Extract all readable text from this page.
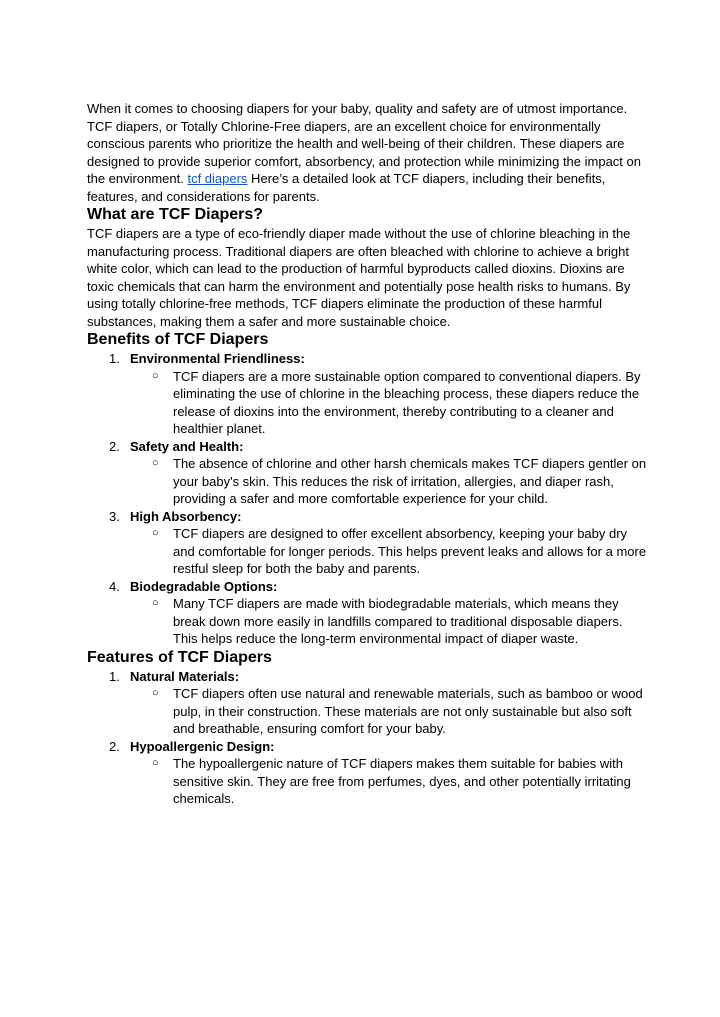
When it comes to choosing diapers for your baby, quality and safety are of utmost importance. TCF diapers, or Totally Chlorine-Free diapers, are an excellent choice for environmentally conscious parents who prioritize the health and well-being of their children. These diapers are designed to provide superior comfort, absorbency, and protection while minimizing the impact on the environment. tcf diapers Here’s a detailed look at TCF diapers, including their benefits, features, and considerations for parents.

What are TCF Diapers?

TCF diapers are a type of eco-friendly diaper made without the use of chlorine bleaching in the manufacturing process. Traditional diapers are often bleached with chlorine to achieve a bright white color, which can lead to the production of harmful byproducts called dioxins. Dioxins are toxic chemicals that can harm the environment and potentially pose health risks to humans. By using totally chlorine-free methods, TCF diapers eliminate the production of these harmful substances, making them a safer and more sustainable choice.

Benefits of TCF Diapers
1. Environmental Friendliness:
○ TCF diapers are a more sustainable option compared to conventional diapers. By eliminating the use of chlorine in the bleaching process, these diapers reduce the release of dioxins into the environment, thereby contributing to a cleaner and healthier planet.
2. Safety and Health:
○ The absence of chlorine and other harsh chemicals makes TCF diapers gentler on your baby's skin. This reduces the risk of irritation, allergies, and diaper rash, providing a safer and more comfortable experience for your child.
3. High Absorbency:
○ TCF diapers are designed to offer excellent absorbency, keeping your baby dry and comfortable for longer periods. This helps prevent leaks and allows for a more restful sleep for both the baby and parents.
4. Biodegradable Options:
○ Many TCF diapers are made with biodegradable materials, which means they break down more easily in landfills compared to traditional disposable diapers. This helps reduce the long-term environmental impact of diaper waste.
Features of TCF Diapers
1. Natural Materials:
○ TCF diapers often use natural and renewable materials, such as bamboo or wood pulp, in their construction. These materials are not only sustainable but also soft and breathable, ensuring comfort for your baby.
2. Hypoallergenic Design:
○ The hypoallergenic nature of TCF diapers makes them suitable for babies with sensitive skin. They are free from perfumes, dyes, and other potentially irritating chemicals.
